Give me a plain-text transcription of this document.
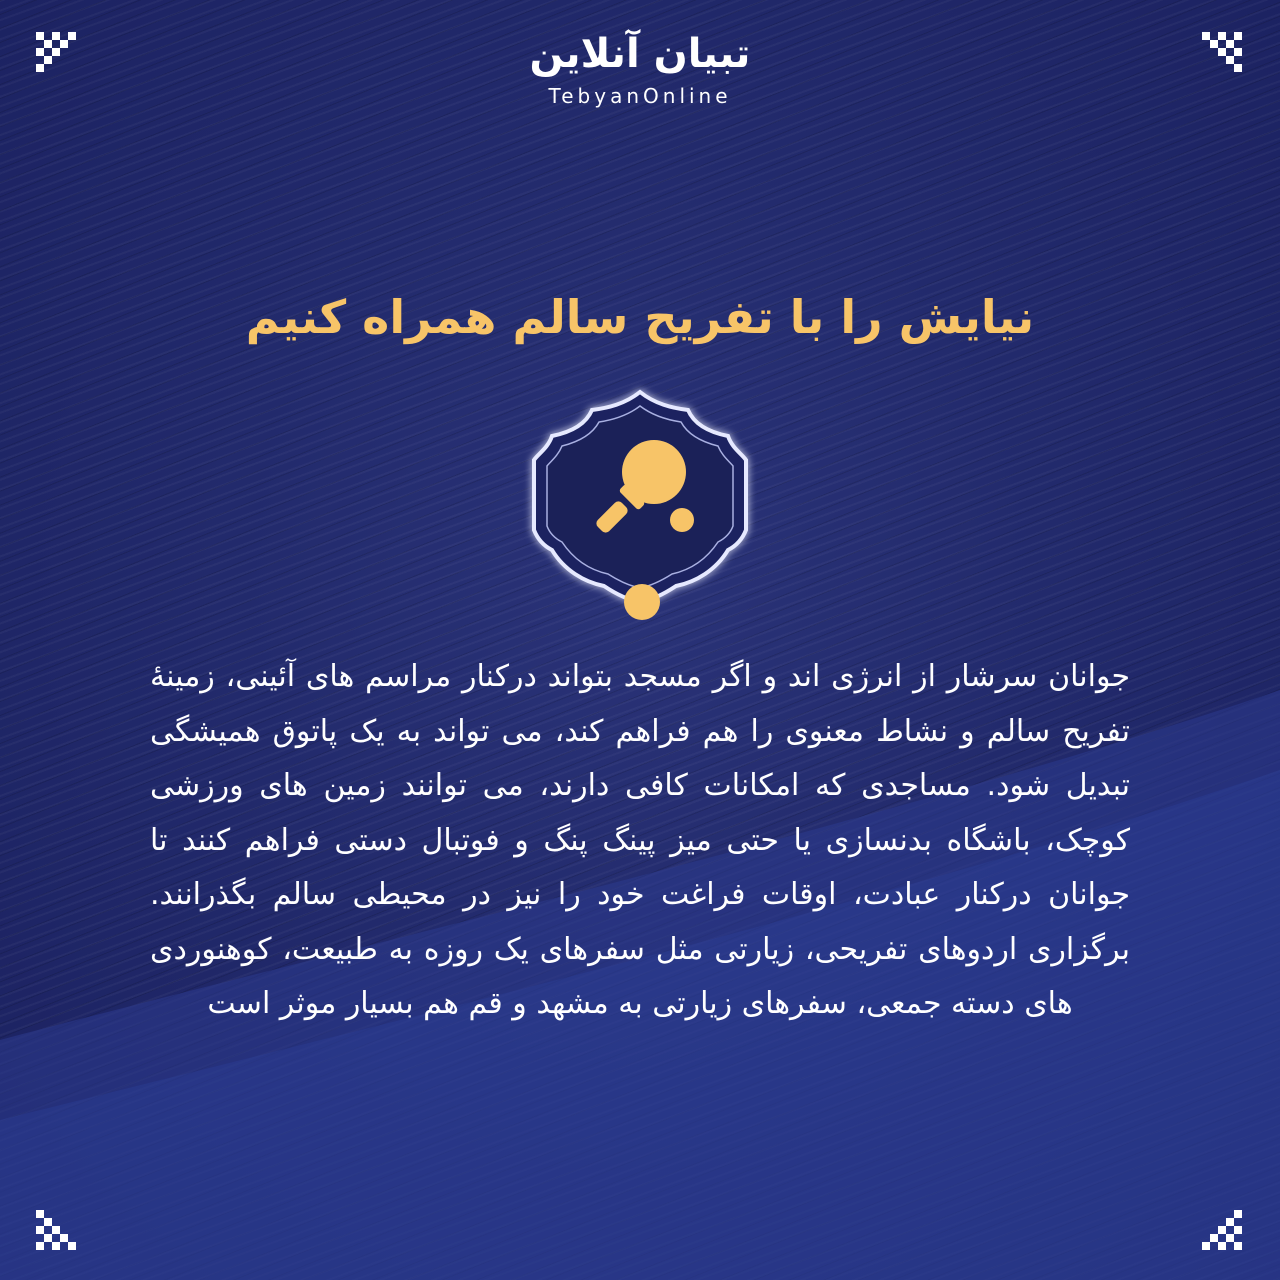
تبیان آنلاین
TebyanOnline
نیایش را با تفریح سالم همراه کنیم
جوانان سرشار از انرژی اند و اگر مسجد بتواند درکنار مراسم های آئینی، زمینهٔ تفریح سالم و نشاط معنوی را هم فراهم کند، می تواند به یک پاتوق همیشگی تبدیل شود. مساجدی که امکانات کافی دارند، می توانند زمین های ورزشی کوچک، باشگاه بدنسازی یا حتی میز پینگ پنگ و فوتبال دستی فراهم کنند تا جوانان درکنار عبادت، اوقات فراغت خود را نیز در محیطی سالم بگذرانند. برگزاری اردوهای تفریحی، زیارتی مثل سفرهای یک روزه به طبیعت، کوهنوردی های دسته جمعی، سفرهای زیارتی به مشهد و قم هم بسیار موثر است
